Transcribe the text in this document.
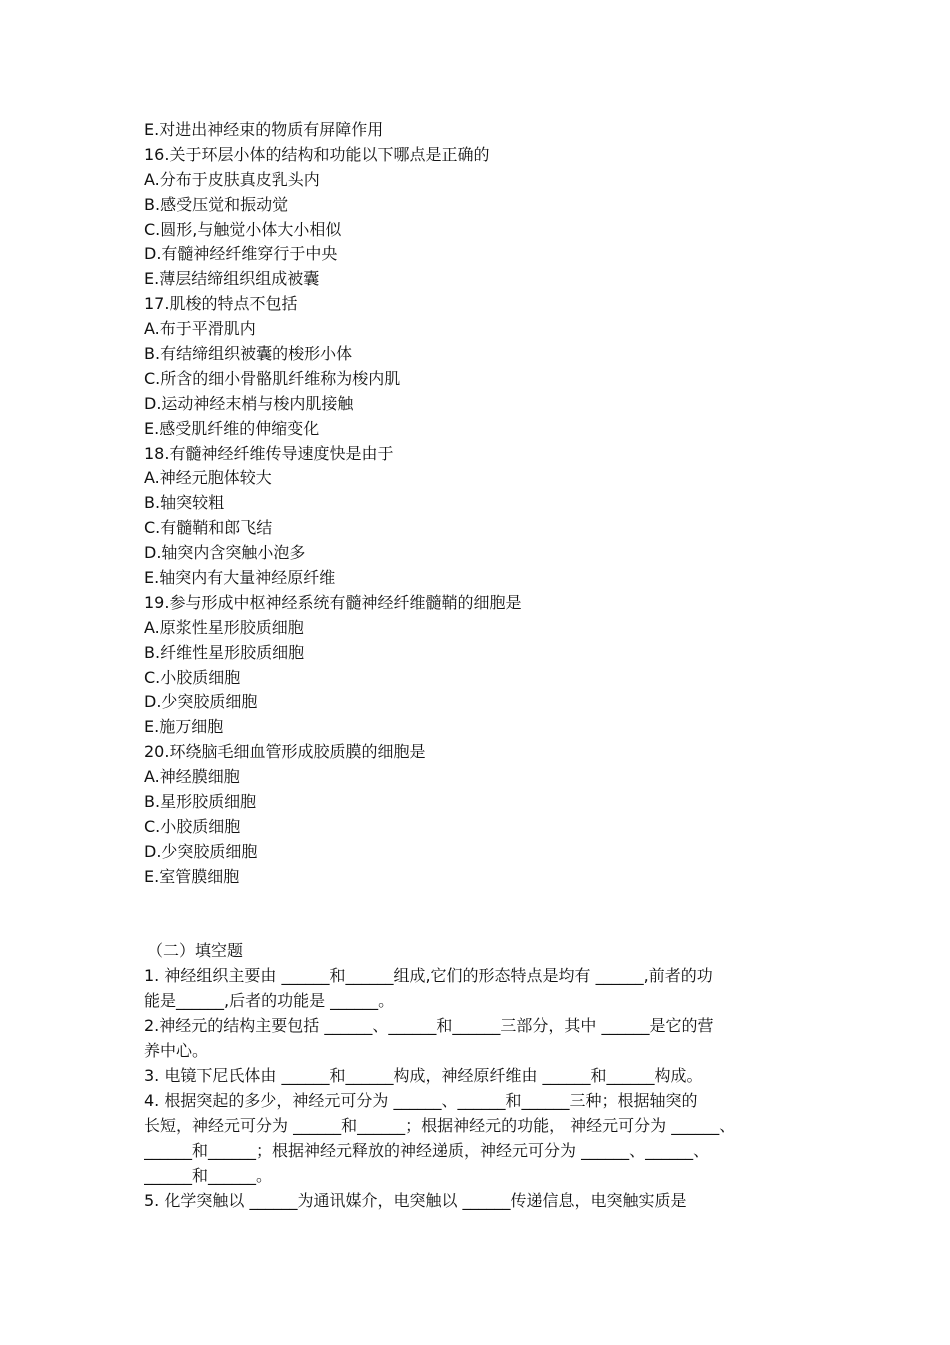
E.对进出神经束的物质有屏障作用
16.关于环层小体的结构和功能以下哪点是正确的
A.分布于皮肤真皮乳头内
B.感受压觉和振动觉
C.圆形,与触觉小体大小相似
D.有髓神经纤维穿行于中央
E.薄层结缔组织组成被囊
17.肌梭的特点不包括
A.布于平滑肌内
B.有结缔组织被囊的梭形小体
C.所含的细小骨骼肌纤维称为梭内肌
D.运动神经末梢与梭内肌接触
E.感受肌纤维的伸缩变化
18.有髓神经纤维传导速度快是由于
A.神经元胞体较大
B.轴突较粗
C.有髓鞘和郎飞结
D.轴突内含突触小泡多
E.轴突内有大量神经原纤维
19.参与形成中枢神经系统有髓神经纤维髓鞘的细胞是
A.原浆性星形胶质细胞
B.纤维性星形胶质细胞
C.小胶质细胞
D.少突胶质细胞
E.施万细胞
20.环绕脑毛细血管形成胶质膜的细胞是
A.神经膜细胞
B.星形胶质细胞
C.小胶质细胞
D.少突胶质细胞
E.室管膜细胞
（二）填空题
1. 神经组织主要由 ______和______组成,它们的形态特点是均有 ______,前者的功
能是______,后者的功能是 ______。
2.神经元的结构主要包括 ______、______和______三部分，其中 ______是它的营
养中心。
3. 电镜下尼氏体由 ______和______构成，神经原纤维由 ______和______构成。
4. 根据突起的多少，神经元可分为 ______、______和______三种；根据轴突的
长短，神经元可分为 ______和______；根据神经元的功能， 神经元可分为 ______、
______和______；根据神经元释放的神经递质，神经元可分为 ______、______、
______和______。
5. 化学突触以 ______为通讯媒介，电突触以 ______传递信息，电突触实质是
